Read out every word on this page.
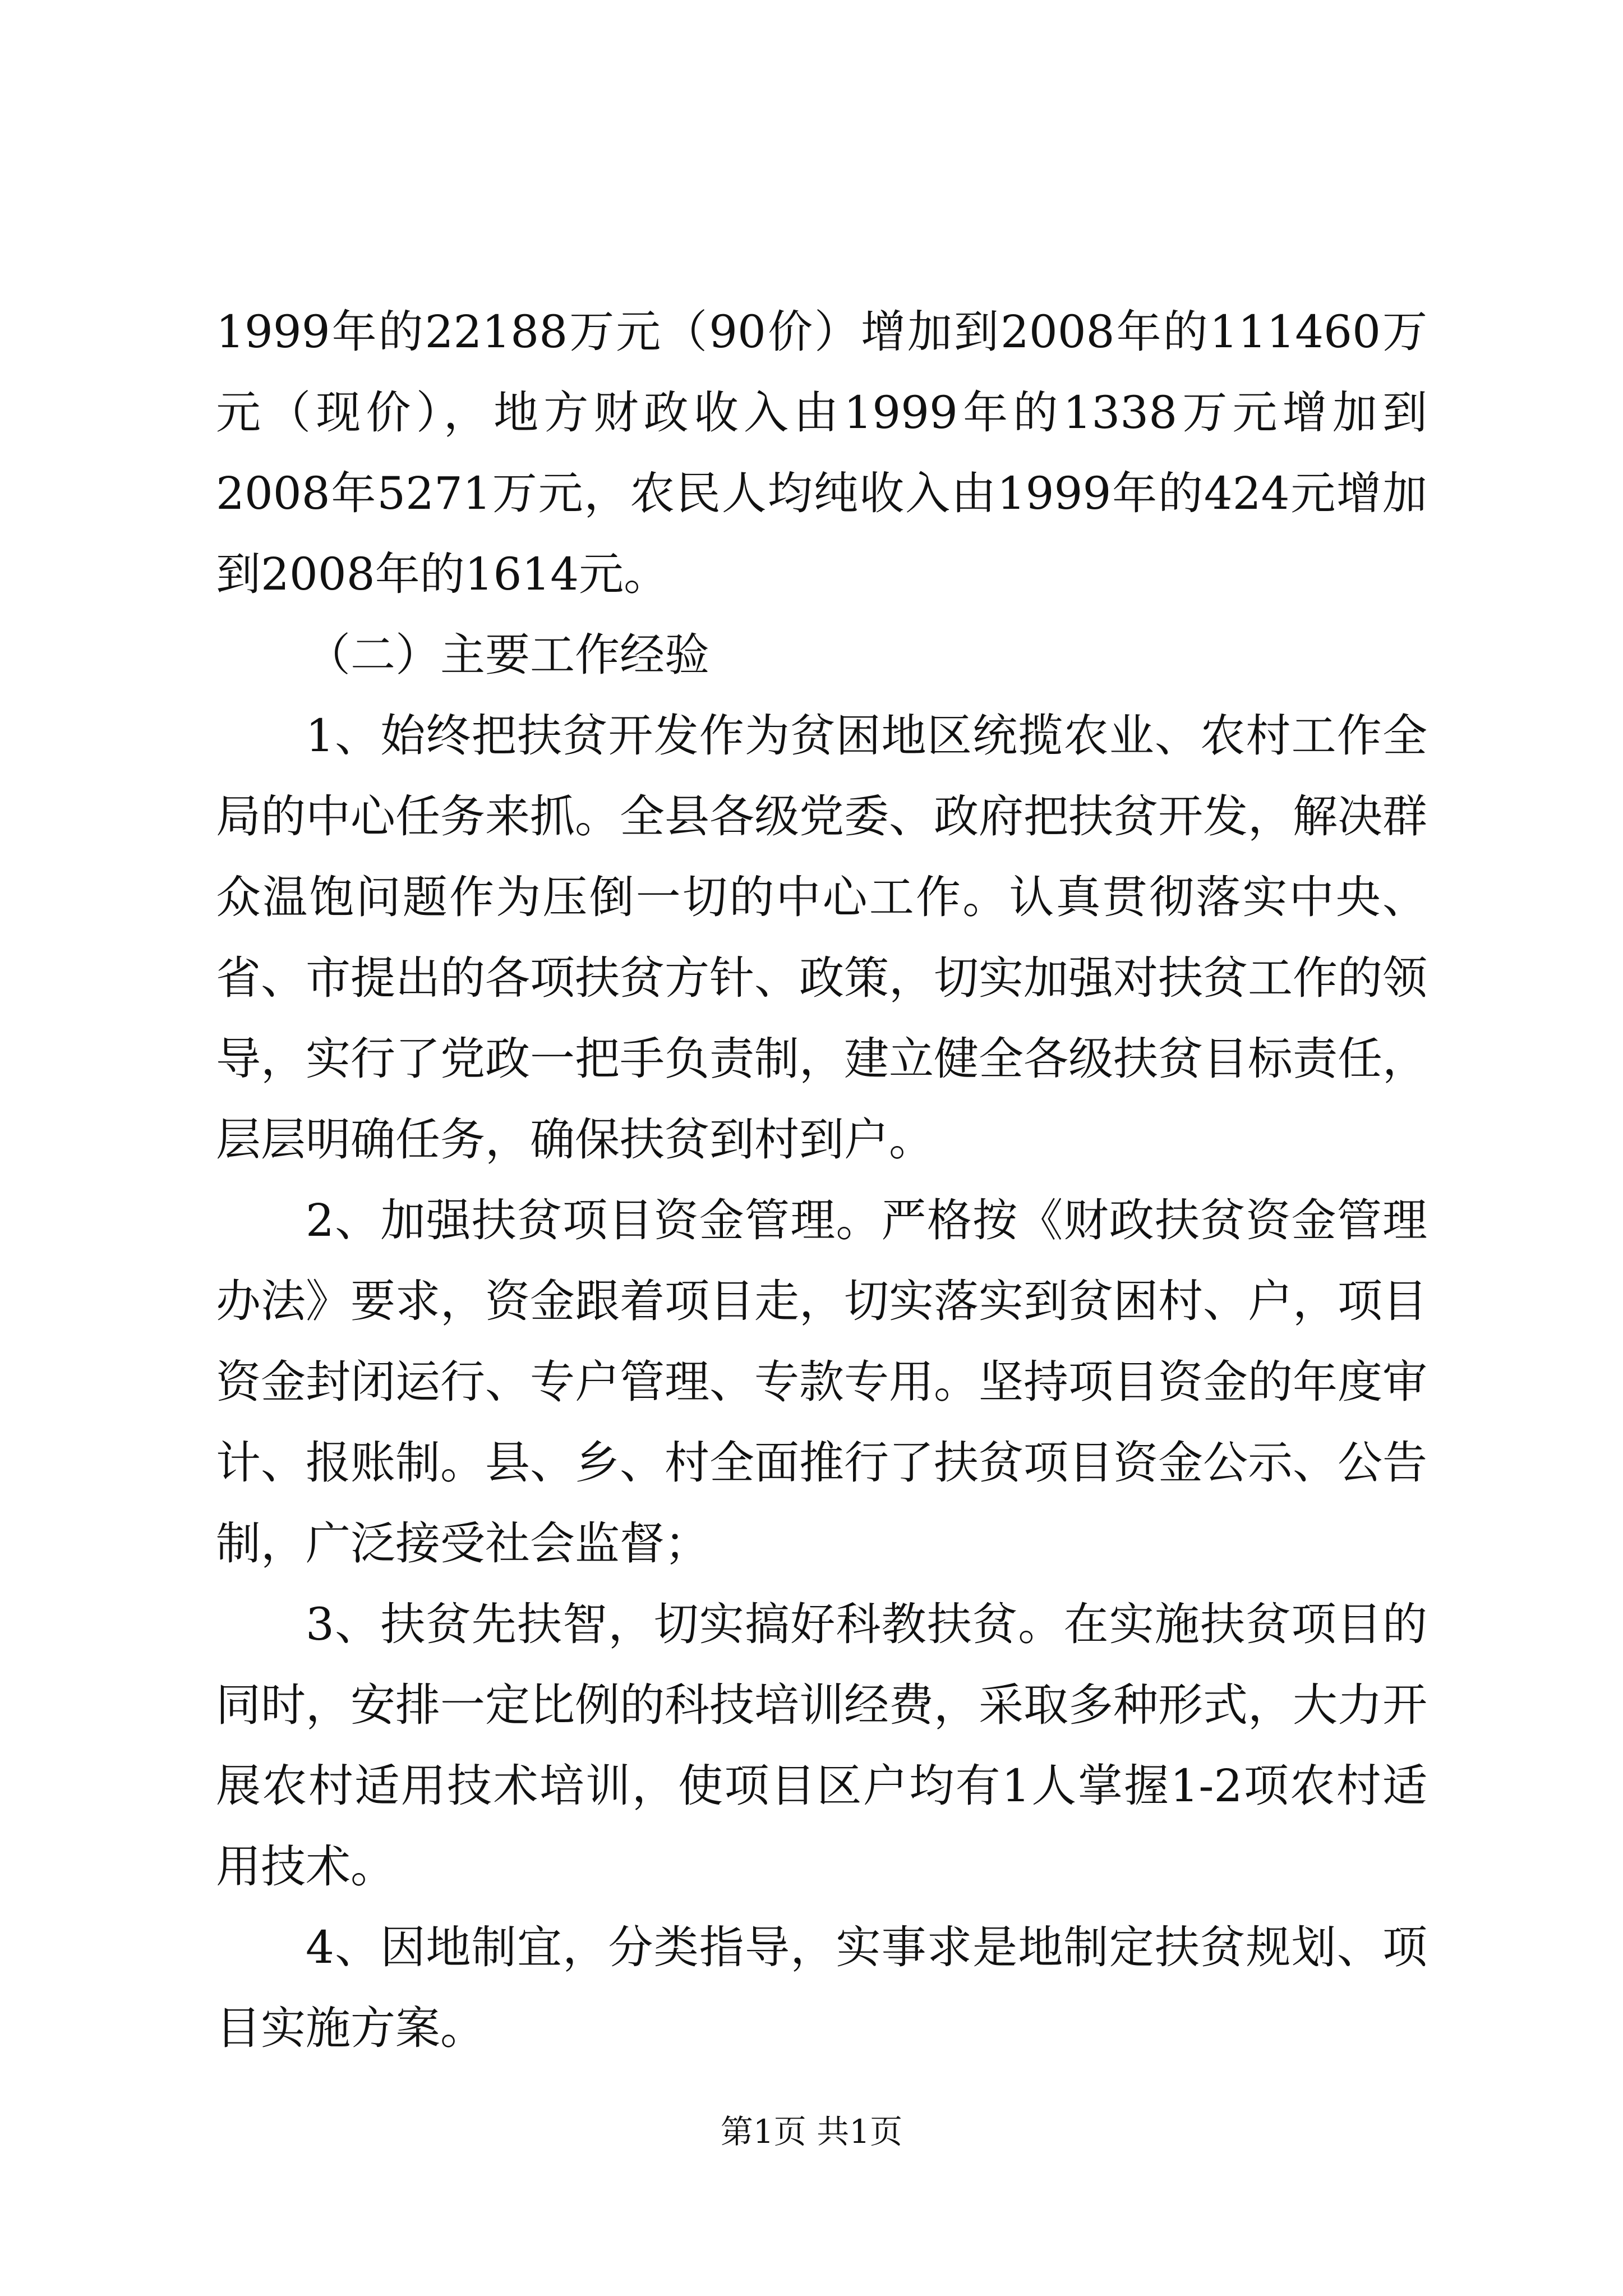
1999年的22188万元（90价）增加到2008年的111460万元（现价），地方财政收入由1999年的1338万元增加到2008年5271万元，农民人均纯收入由1999年的424元增加到2008年的1614元。

（二）主要工作经验

1、始终把扶贫开发作为贫困地区统揽农业、农村工作全局的中心任务来抓。全县各级党委、政府把扶贫开发，解决群众温饱问题作为压倒一切的中心工作。认真贯彻落实中央、省、市提出的各项扶贫方针、政策，切实加强对扶贫工作的领导，实行了党政一把手负责制，建立健全各级扶贫目标责任，层层明确任务，确保扶贫到村到户。

2、加强扶贫项目资金管理。严格按《财政扶贫资金管理办法》要求，资金跟着项目走，切实落实到贫困村、户，项目资金封闭运行、专户管理、专款专用。坚持项目资金的年度审计、报账制。县、乡、村全面推行了扶贫项目资金公示、公告制，广泛接受社会监督；

3、扶贫先扶智，切实搞好科教扶贫。在实施扶贫项目的同时，安排一定比例的科技培训经费，采取多种形式，大力开展农村适用技术培训，使项目区户均有1人掌握1-2项农村适用技术。

4、因地制宜，分类指导，实事求是地制定扶贫规划、项目实施方案。

第1页 共1页
